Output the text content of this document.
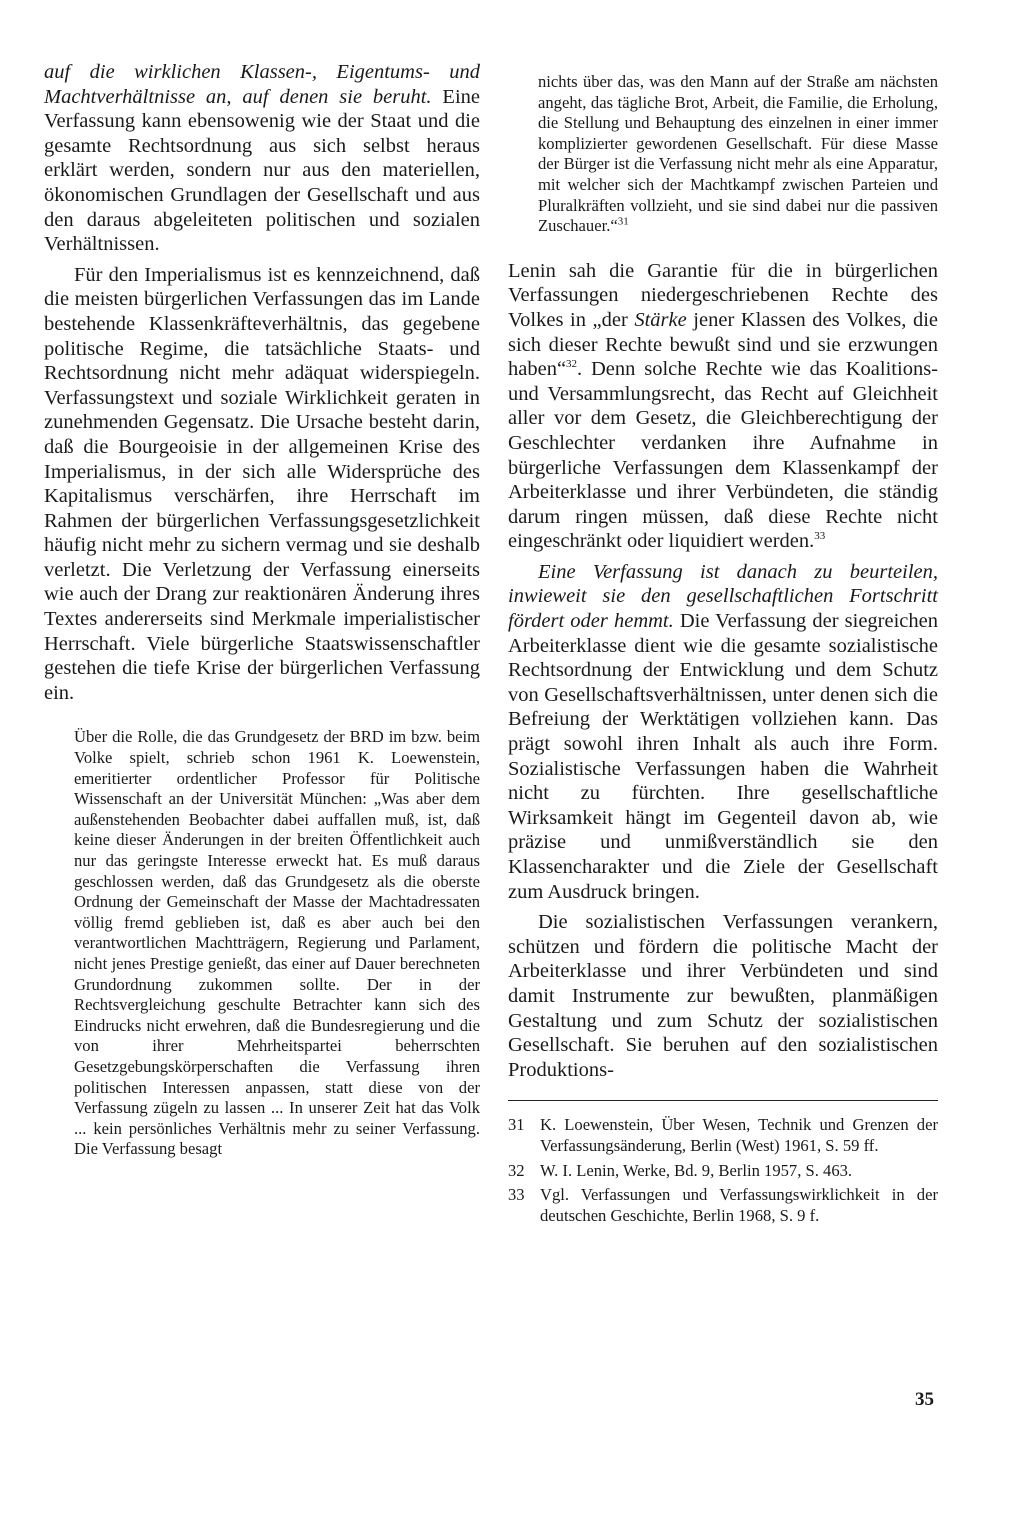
auf die wirklichen Klassen-, Eigentums- und Machtverhältnisse an, auf denen sie beruht. Eine Verfassung kann ebensowenig wie der Staat und die gesamte Rechtsordnung aus sich selbst heraus erklärt werden, sondern nur aus den materiellen, ökonomischen Grundlagen der Gesellschaft und aus den daraus abgeleiteten politischen und sozialen Verhältnissen.

Für den Imperialismus ist es kennzeichnend, daß die meisten bürgerlichen Verfassungen das im Lande bestehende Klassenkräfteverhältnis, das gegebene politische Regime, die tatsächliche Staats- und Rechtsordnung nicht mehr adäquat widerspiegeln. Verfassungstext und soziale Wirklichkeit geraten in zunehmenden Gegensatz. Die Ursache besteht darin, daß die Bourgeoisie in der allgemeinen Krise des Imperialismus, in der sich alle Widersprüche des Kapitalismus verschärfen, ihre Herrschaft im Rahmen der bürgerlichen Verfassungsgesetzlichkeit häufig nicht mehr zu sichern vermag und sie deshalb verletzt. Die Verletzung der Verfassung einerseits wie auch der Drang zur reaktionären Änderung ihres Textes andererseits sind Merkmale imperialistischer Herrschaft. Viele bürgerliche Staatswissenschaftler gestehen die tiefe Krise der bürgerlichen Verfassung ein.

Über die Rolle, die das Grundgesetz der BRD im bzw. beim Volke spielt, schrieb schon 1961 K. Loewenstein, emeritierter ordentlicher Professor für Politische Wissenschaft an der Universität München: „Was aber dem außenstehenden Beobachter dabei auffallen muß, ist, daß keine dieser Änderungen in der breiten Öffentlichkeit auch nur das geringste Interesse erweckt hat. Es muß daraus geschlossen werden, daß das Grundgesetz als die oberste Ordnung der Gemeinschaft der Masse der Machtadressaten völlig fremd geblieben ist, daß es aber auch bei den verantwortlichen Machtträgern, Regierung und Parlament, nicht jenes Prestige genießt, das einer auf Dauer berechneten Grundordnung zukommen sollte. Der in der Rechtsvergleichung geschulte Betrachter kann sich des Eindrucks nicht erwehren, daß die Bundesregierung und die von ihrer Mehrheitspartei beherrschten Gesetzgebungskörperschaften die Verfassung ihren politischen Interessen anpassen, statt diese von der Verfassung zügeln zu lassen ... In unserer Zeit hat das Volk ... kein persönliches Verhältnis mehr zu seiner Verfassung. Die Verfassung besagt

nichts über das, was den Mann auf der Straße am nächsten angeht, das tägliche Brot, Arbeit, die Familie, die Erholung, die Stellung und Behauptung des einzelnen in einer immer komplizierter gewordenen Gesellschaft. Für diese Masse der Bürger ist die Verfassung nicht mehr als eine Apparatur, mit welcher sich der Machtkampf zwischen Parteien und Pluralkräften vollzieht, und sie sind dabei nur die passiven Zuschauer.“$^{31}$

Lenin sah die Garantie für die in bürgerlichen Verfassungen niedergeschriebenen Rechte des Volkes in „der Stärke jener Klassen des Volkes, die sich dieser Rechte bewußt sind und sie erzwungen haben“$^{32}$. Denn solche Rechte wie das Koalitions- und Versammlungsrecht, das Recht auf Gleichheit aller vor dem Gesetz, die Gleichberechtigung der Geschlechter verdanken ihre Aufnahme in bürgerliche Verfassungen dem Klassenkampf der Arbeiterklasse und ihrer Verbündeten, die ständig darum ringen müssen, daß diese Rechte nicht eingeschränkt oder liquidiert werden.$^{33}$

Eine Verfassung ist danach zu beurteilen, inwieweit sie den gesellschaftlichen Fortschritt fördert oder hemmt. Die Verfassung der siegreichen Arbeiterklasse dient wie die gesamte sozialistische Rechtsordnung der Entwicklung und dem Schutz von Gesellschaftsverhältnissen, unter denen sich die Befreiung der Werktätigen vollziehen kann. Das prägt sowohl ihren Inhalt als auch ihre Form. Sozialistische Verfassungen haben die Wahrheit nicht zu fürchten. Ihre gesellschaftliche Wirksamkeit hängt im Gegenteil davon ab, wie präzise und unmißverständlich sie den Klassencharakter und die Ziele der Gesellschaft zum Ausdruck bringen.

Die sozialistischen Verfassungen verankern, schützen und fördern die politische Macht der Arbeiterklasse und ihrer Verbündeten und sind damit Instrumente zur bewußten, planmäßigen Gestaltung und zum Schutz der sozialistischen Gesellschaft. Sie beruhen auf den sozialistischen Produktions-

31 K. Loewenstein, Über Wesen, Technik und Grenzen der Verfassungsänderung, Berlin (West) 1961, S. 59 ff.
32 W. I. Lenin, Werke, Bd. 9, Berlin 1957, S. 463.
33 Vgl. Verfassungen und Verfassungswirklichkeit in der deutschen Geschichte, Berlin 1968, S. 9 f.
35
